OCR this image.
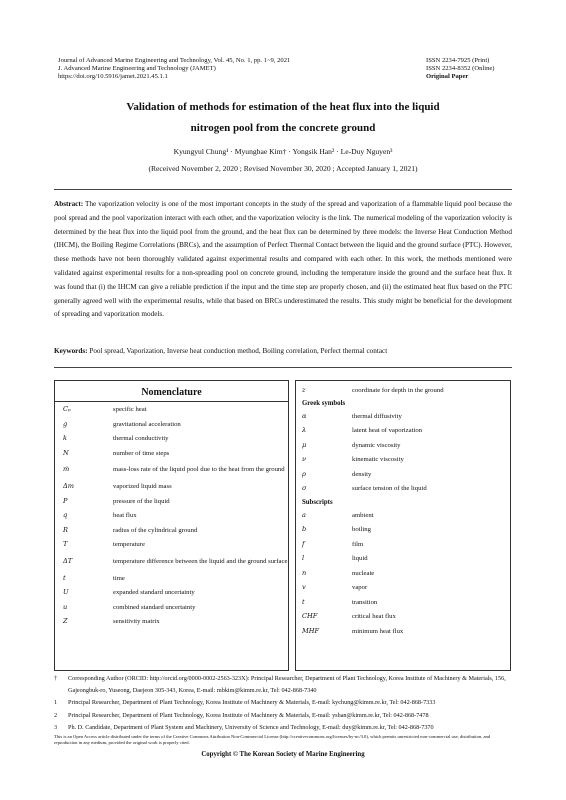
Journal of Advanced Marine Engineering and Technology, Vol. 45, No. 1, pp. 1~9, 2021
J. Advanced Marine Engineering and Technology (JAMET)
https://doi.org/10.5916/jamet.2021.45.1.1
ISSN 2234-7925 (Print)
ISSN 2234-8352 (Online)
Original Paper
Validation of methods for estimation of the heat flux into the liquid
nitrogen pool from the concrete ground
Kyungyul Chung¹ · Myungbae Kim† · Yongsik Han² · Le-Duy Nguyen³
(Received November 2, 2020 ; Revised November 30, 2020 ; Accepted January 1, 2021)
Abstract: The vaporization velocity is one of the most important concepts in the study of the spread and vaporization of a flammable liquid pool because the pool spread and the pool vaporization interact with each other, and the vaporization velocity is the link. The numerical modeling of the vaporization velocity is determined by the heat flux into the liquid pool from the ground, and the heat flux can be determined by three models: the Inverse Heat Conduction Method (IHCM), the Boiling Regime Correlations (BRCs), and the assumption of Perfect Thermal Contact between the liquid and the ground surface (PTC). However, these methods have not been thoroughly validated against experimental results and compared with each other. In this work, the methods mentioned were validated against experimental results for a non-spreading pool on concrete ground, including the temperature inside the ground and the surface heat flux. It was found that (i) the IHCM can give a reliable prediction if the input and the time step are properly chosen, and (ii) the estimated heat flux based on the PTC generally agreed well with the experimental results, while that based on BRCs underestimated the results. This study might be beneficial for the development of spreading and vaporization models.
Keywords: Pool spread, Vaporization, Inverse heat conduction method, Boiling correlation, Perfect thermal contact
Nomenclature
Cₚ	specific heat
g	gravitational acceleration
k	thermal conductivity
N	number of time steps
ṁ	mass-loss rate of the liquid pool due to the heat from the ground
Δm	vaporized liquid mass
P	pressure of the liquid
q	heat flux
R	radius of the cylindrical ground
T	temperature
ΔT	temperature difference between the liquid and the ground surface
t	time
U	expanded standard uncertainty
u	combined standard uncertainty
Z	sensitivity matrix
z	coordinate for depth in the ground
Greek symbols
α	thermal diffusivity
λ	latent heat of vaporization
μ	dynamic viscosity
ν	kinematic viscosity
ρ	density
σ	surface tension of the liquid
Subscripts
a	ambient
b	boiling
f	film
l	liquid
n	nucleate
v	vapor
t	transition
CHF	critical heat flux
MHF	minimum heat flux
†	Corresponding Author (ORCID: http://orcid.org/0000-0002-2563-323X): Principal Researcher, Department of Plant Technology, Korea Institute of Machinery & Materials, 156, Gajeongbuk-ro, Yuseong, Daejeon 305-343, Korea, E-mail: mbkim@kimm.re.kr, Tel: 042-868-7340
1	Principal Researcher, Department of Plant Technology, Korea Institute of Machinery & Materials, E-mail: kychung@kimm.re.kr, Tel: 042-868-7333
2	Principal Researcher, Department of Plant Technology, Korea Institute of Machinery & Materials, E-mail: yshan@kimm.re.kr, Tel: 042-868-7478
3	Ph. D. Candidate, Department of Plant System and Machinery, University of Science and Technology, E-mail: duy@kimm.re.kr, Tel: 042-868-7370
This is an Open Access article distributed under the terms of the Creative Commons Attribution Non-Commercial License (http://creativecommons.org/licenses/by-nc/3.0), which permits unrestricted non-commercial use, distribution, and reproduction in any medium, provided the original work is properly cited.
Copyright © The Korean Society of Marine Engineering
